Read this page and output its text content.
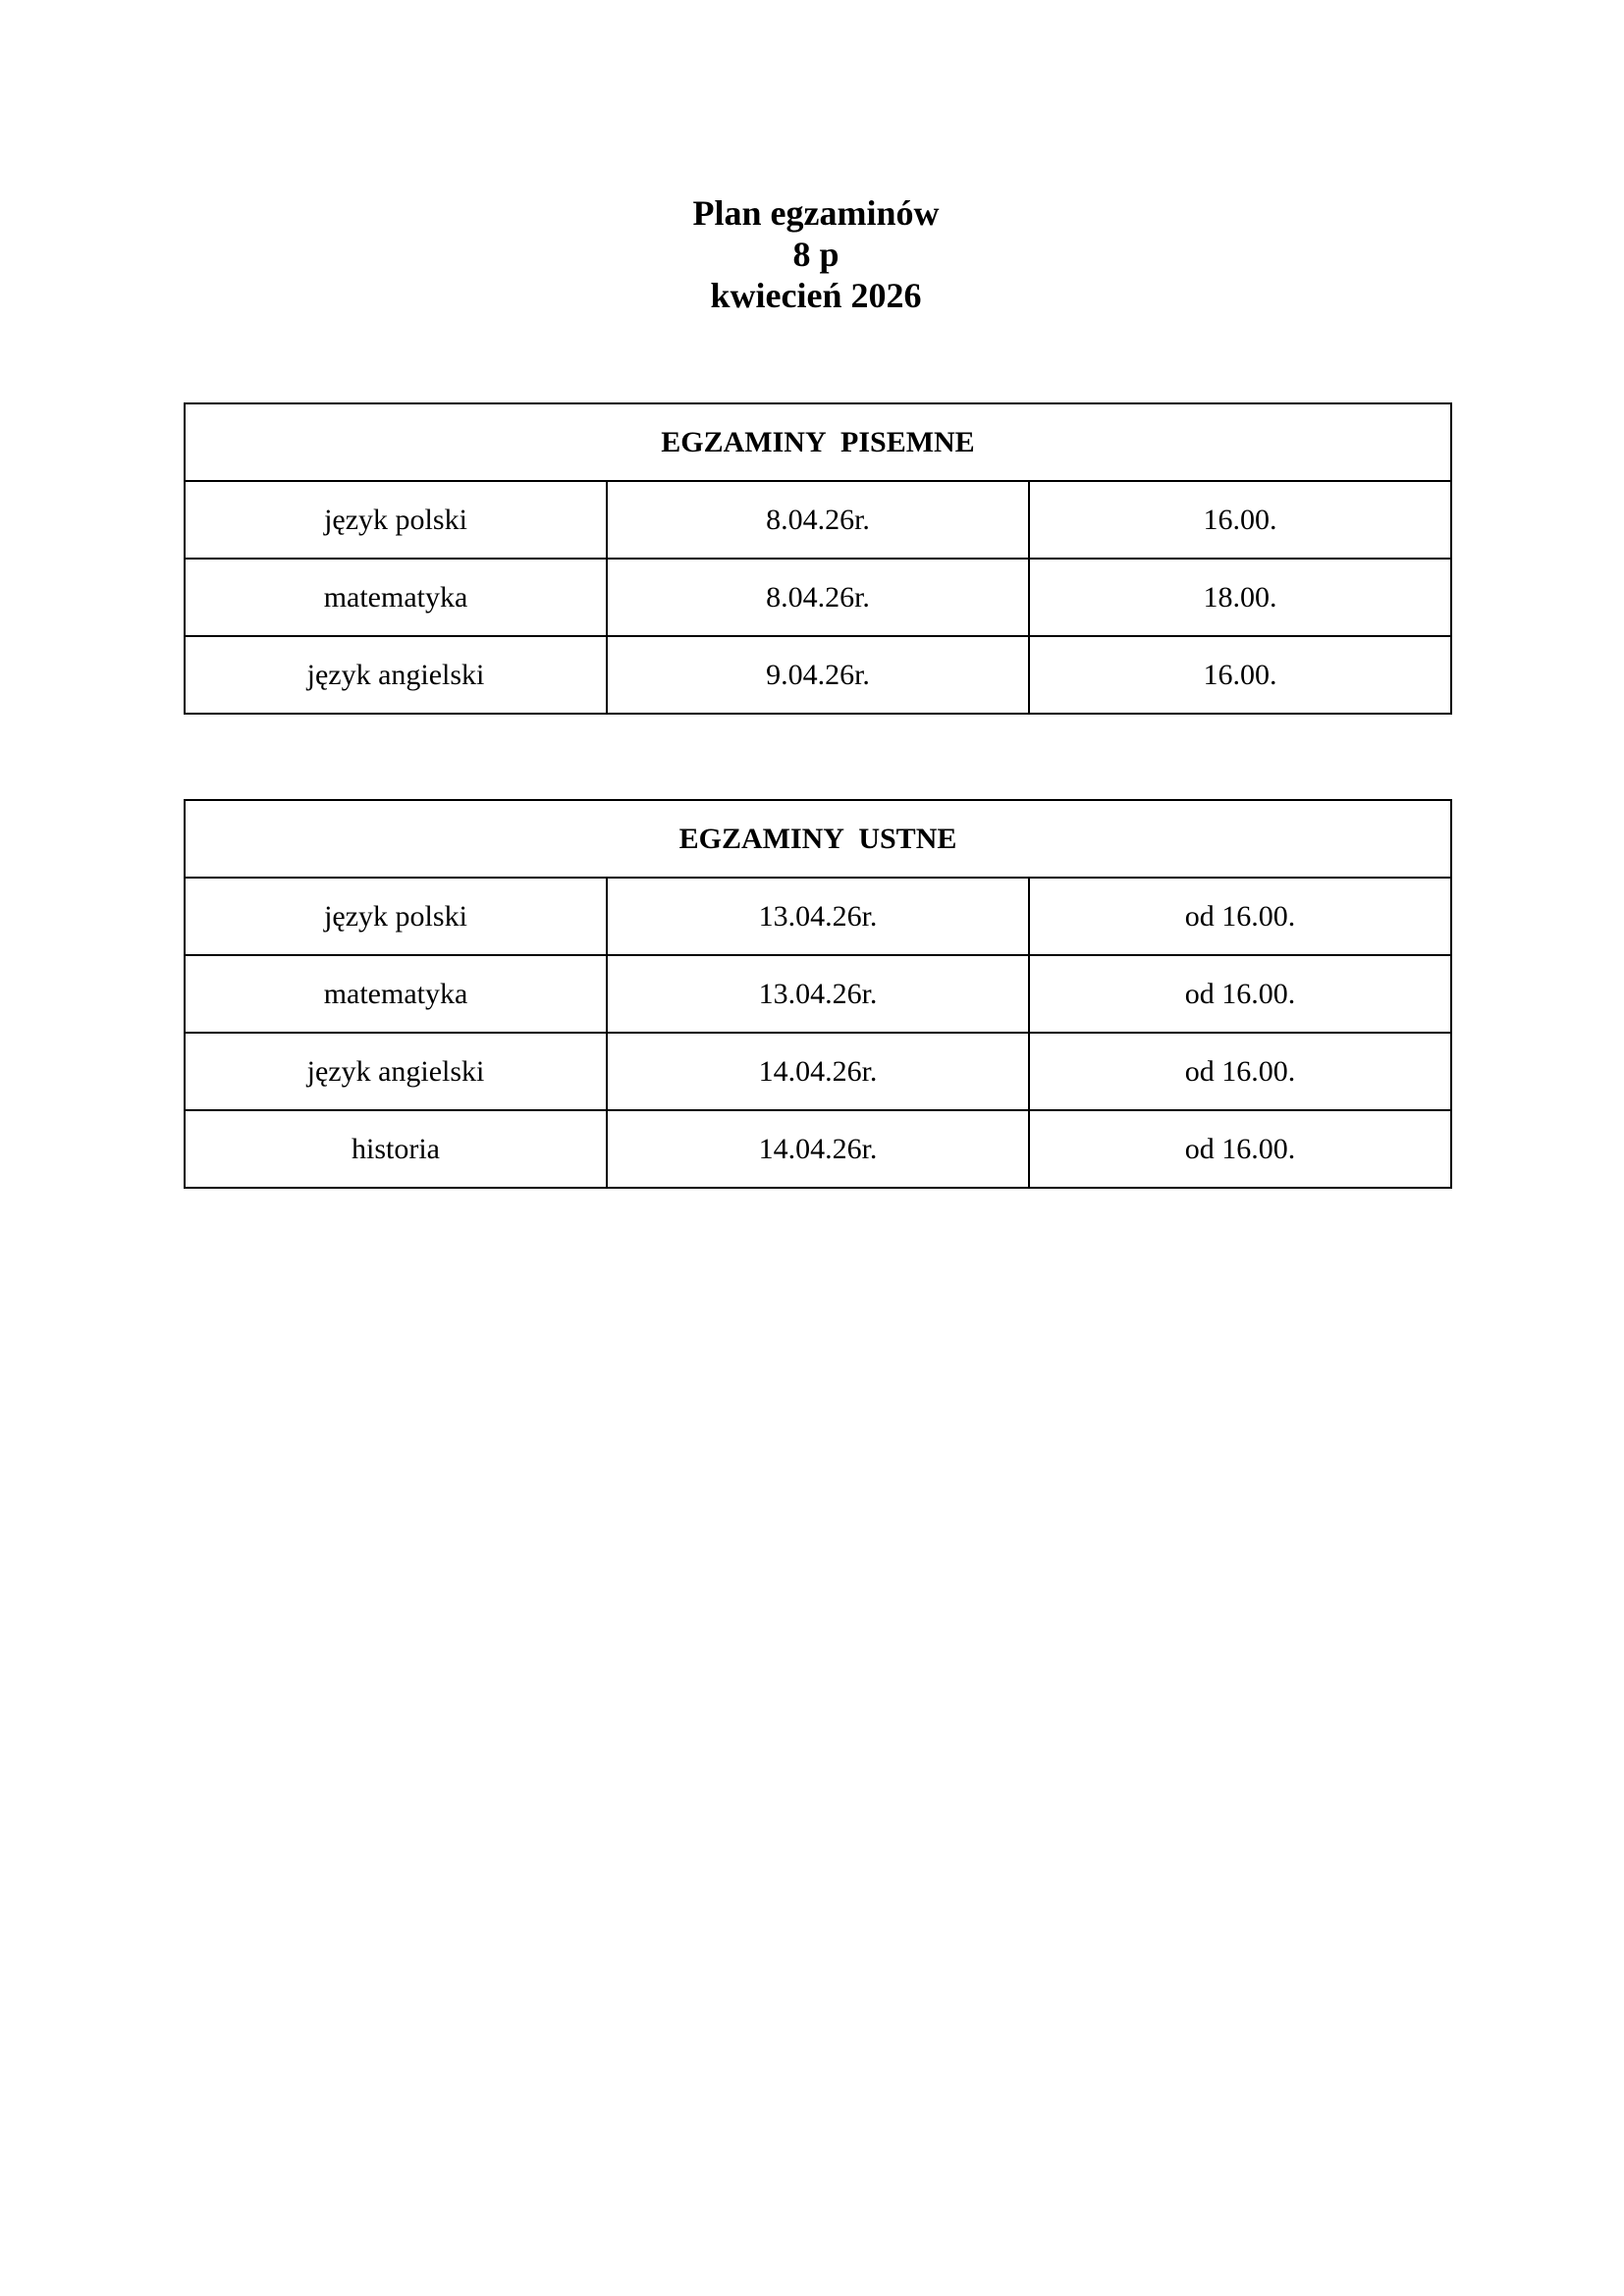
Plan egzaminów
8 p
kwiecień 2026
EGZAMINY PISEMNE		
język polski	8.04.26r.	16.00.
matematyka	8.04.26r.	18.00.
język angielski	9.04.26r.	16.00.
EGZAMINY USTNE		
język polski	13.04.26r.	od 16.00.
matematyka	13.04.26r.	od 16.00.
język angielski	14.04.26r.	od 16.00.
historia	14.04.26r.	od 16.00.
